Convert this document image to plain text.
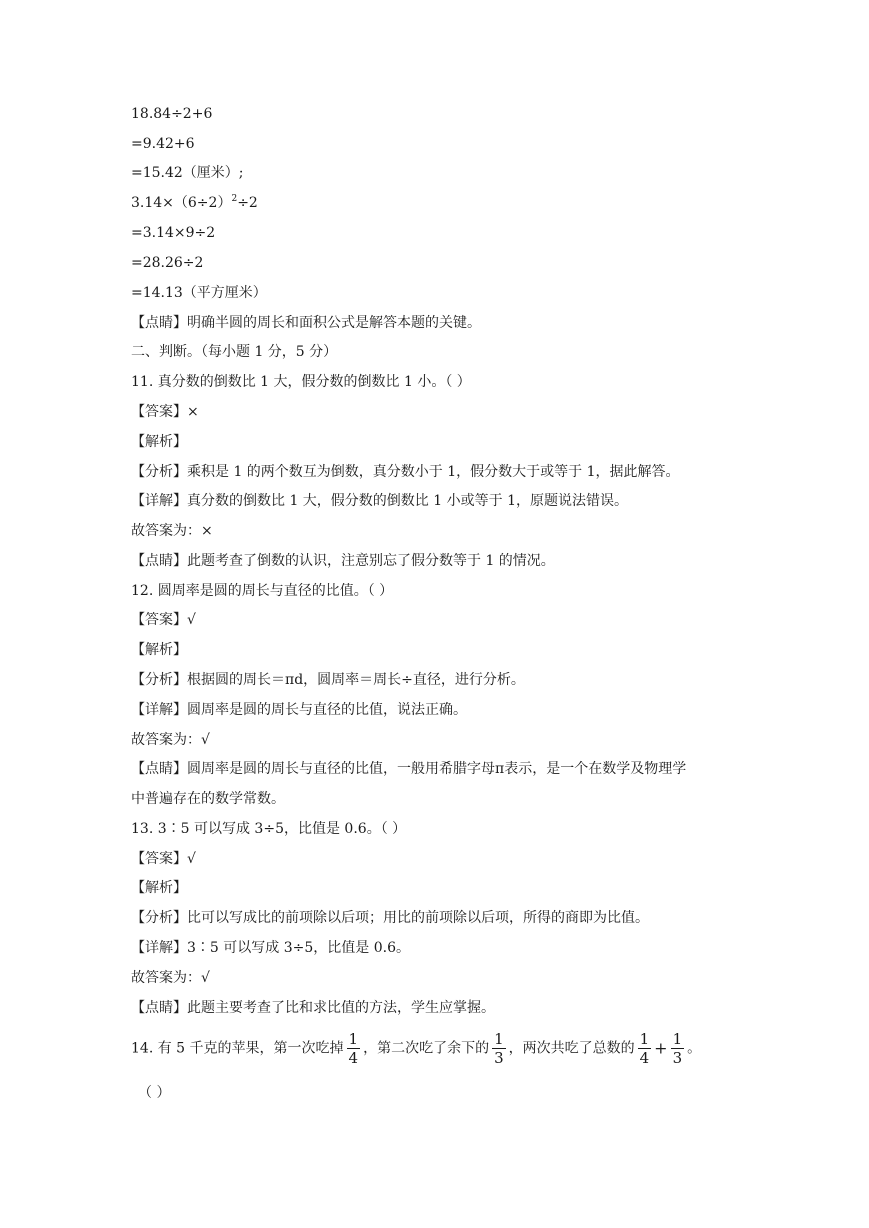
18.84÷2+6
=9.42+6
=15.42（厘米）;
$3.14\times(6\div 2)^2\div 2$
=3.14×9÷2
=28.26÷2
=14.13（平方厘米）
【点睛】明确半圆的周长和面积公式是解答本题的关键。
二、判断。（每小题 1 分，5 分）
11. 真分数的倒数比 1 大，假分数的倒数比 1 小。（ ）
【答案】×
【解析】
【分析】乘积是 1 的两个数互为倒数，真分数小于 1，假分数大于或等于 1，据此解答。
【详解】真分数的倒数比 1 大，假分数的倒数比 1 小或等于 1，原题说法错误。
故答案为：×
【点睛】此题考查了倒数的认识，注意别忘了假分数等于 1 的情况。
12. 圆周率是圆的周长与直径的比值。（ ）
【答案】√
【解析】
【分析】根据圆的周长＝πd，圆周率＝周长÷直径，进行分析。
【详解】圆周率是圆的周长与直径的比值，说法正确。
故答案为：√
【点睛】圆周率是圆的周长与直径的比值，一般用希腊字母π表示，是一个在数学及物理学
中普遍存在的数学常数。
13. 3∶5 可以写成 3÷5，比值是 0.6。（ ）
【答案】√
【解析】
【分析】比可以写成比的前项除以后项；用比的前项除以后项，所得的商即为比值。
【详解】3∶5 可以写成 3÷5，比值是 0.6。
故答案为：√
【点睛】此题主要考查了比和求比值的方法，学生应掌握。
14. 有 5 千克的苹果，第一次吃掉 $\frac{1}{4}$ ，第二次吃了余下的 $\frac{1}{3}$ ，两次共吃了总数的 $\frac{1}{4} + \frac{1}{3}$ 。
（ ）
